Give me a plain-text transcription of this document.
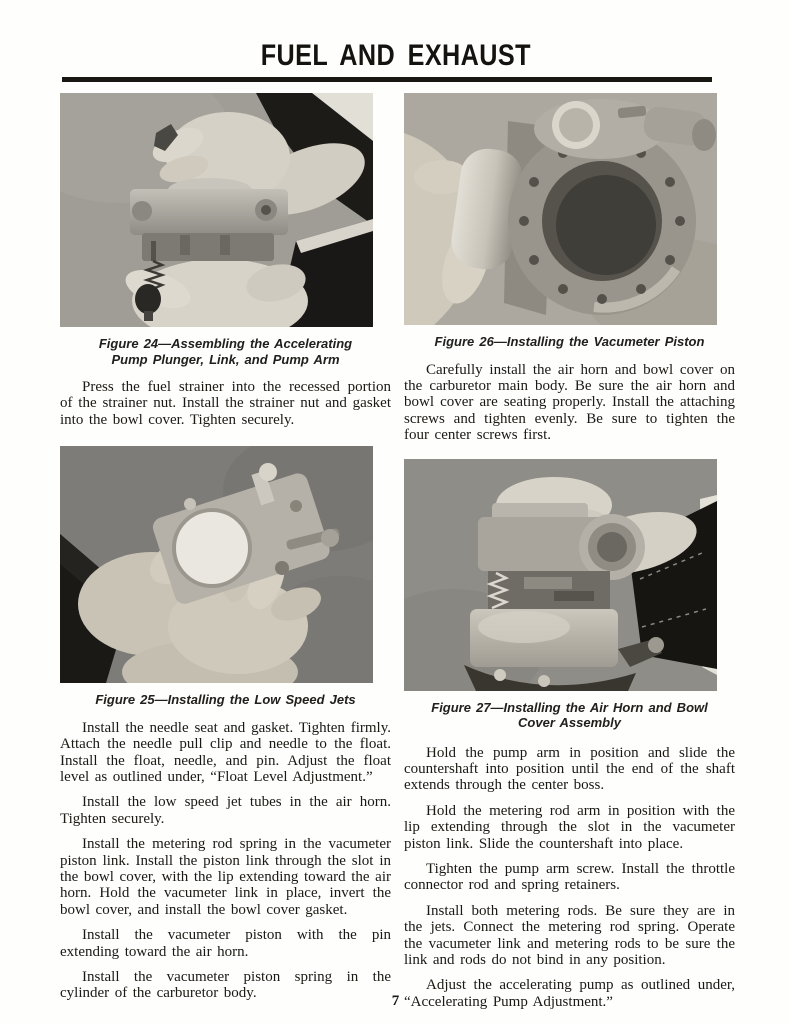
FUEL AND EXHAUST
Figure 24—Assembling the Accelerating Pump Plunger, Link, and Pump Arm

Press the fuel strainer into the recessed portion of the strainer nut. Install the strainer nut and gasket into the bowl cover. Tighten securely.

Figure 25—Installing the Low Speed Jets

Install the needle seat and gasket. Tighten firmly. Attach the needle pull clip and needle to the float. Install the float, needle, and pin. Adjust the float level as outlined under, “Float Level Adjustment.”

Install the low speed jet tubes in the air horn. Tighten securely.

Install the metering rod spring in the vacumeter piston link. Install the piston link through the slot in the bowl cover, with the lip extending toward the air horn. Hold the vacumeter link in place, invert the bowl cover, and install the bowl cover gasket.

Install the vacumeter piston with the pin extending toward the air horn.

Install the vacumeter piston spring in the cylinder of the carburetor body.

Figure 26—Installing the Vacumeter Piston

Carefully install the air horn and bowl cover on the carburetor main body. Be sure the air horn and bowl cover are seating properly. Install the attaching screws and tighten evenly. Be sure to tighten the four center screws first.

Figure 27—Installing the Air Horn and Bowl Cover Assembly

Hold the pump arm in position and slide the countershaft into position until the end of the shaft extends through the center boss.

Hold the metering rod arm in position with the lip extending through the slot in the vacumeter piston link. Slide the countershaft into place.

Tighten the pump arm screw. Install the throttle connector rod and spring retainers.

Install both metering rods. Be sure they are in the jets. Connect the metering rod spring. Operate the vacumeter link and metering rods to be sure the link and rods do not bind in any position.

Adjust the accelerating pump as outlined under, “Accelerating Pump Adjustment.”

7
